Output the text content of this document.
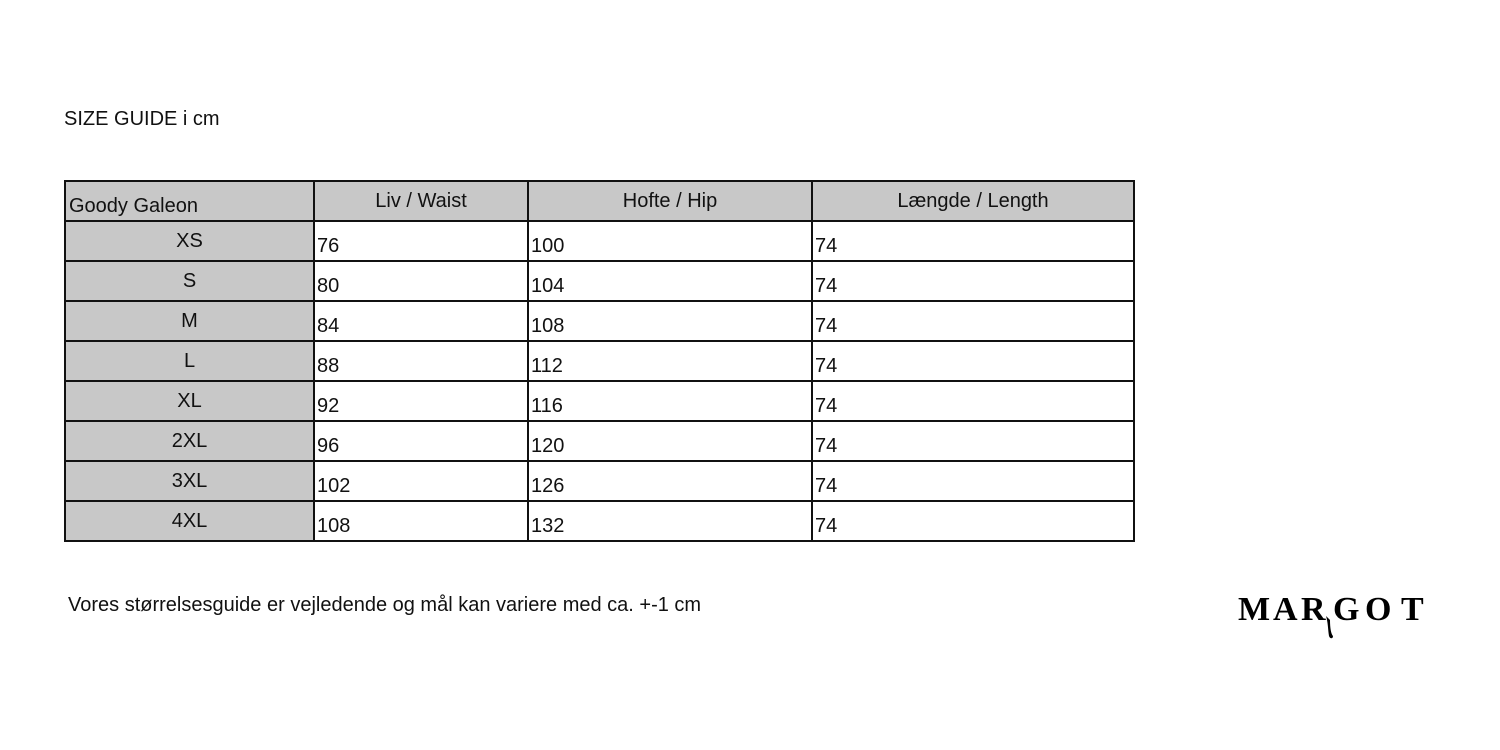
SIZE GUIDE i cm
Goody Galeon	Liv / Waist	Hofte / Hip	Længde / Length
XS	76	100	74
S	80	104	74
M	84	108	74
L	88	112	74
XL	92	116	74
2XL	96	120	74
3XL	102	126	74
4XL	108	132	74
Vores størrelsesguide er vejledende og mål kan variere med ca. +-1 cm	M A R G O T
